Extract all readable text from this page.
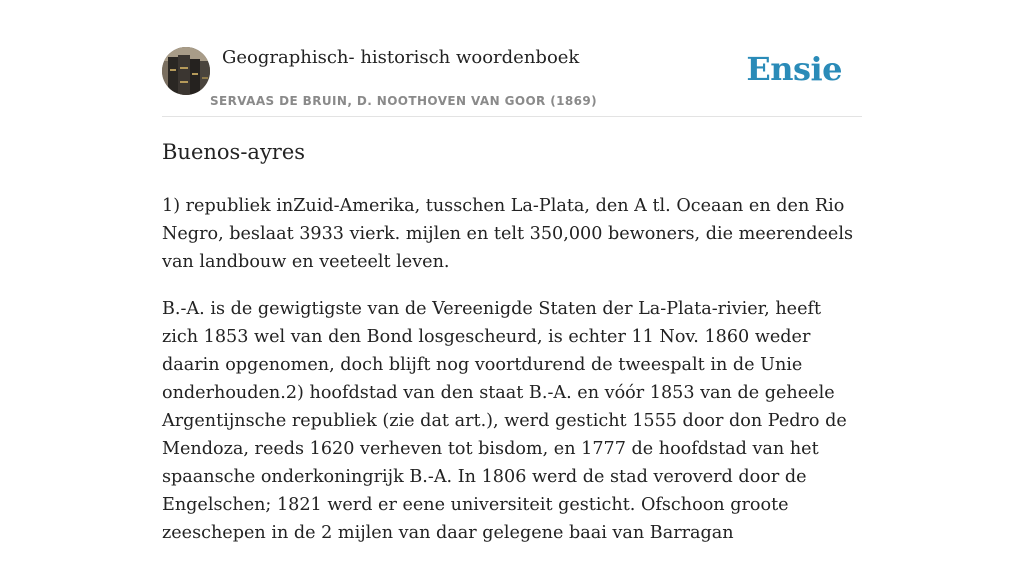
Geographisch- historisch woordenboek
SERVAAS DE BRUIN, D. NOOTHOVEN VAN GOOR (1869)
Ensie
Buenos-ayres

1) republiek inZuid-Amerika, tusschen La-Plata, den A tl. Oceaan en den Rio Negro, beslaat 3933 vierk. mijlen en telt 350,000 bewoners, die meerendeels van landbouw en veeteelt leven.

B.-A. is de gewigtigste van de Vereenigde Staten der La-Plata-rivier, heeft zich 1853 wel van den Bond losgescheurd, is echter 11 Nov. 1860 weder daarin opgenomen, doch blijft nog voortdurend de tweespalt in de Unie onderhouden.2) hoofdstad van den staat B.-A. en vóór 1853 van de geheele Argentijnsche republiek (zie dat art.), werd gesticht 1555 door don Pedro de Mendoza, reeds 1620 verheven tot bisdom, en 1777 de hoofdstad van het spaansche onderkoningrijk B.-A. In 1806 werd de stad veroverd door de Engelschen; 1821 werd er eene universiteit gesticht. Ofschoon groote zeeschepen in de 2 mijlen van daar gelegene baai van Barragan
